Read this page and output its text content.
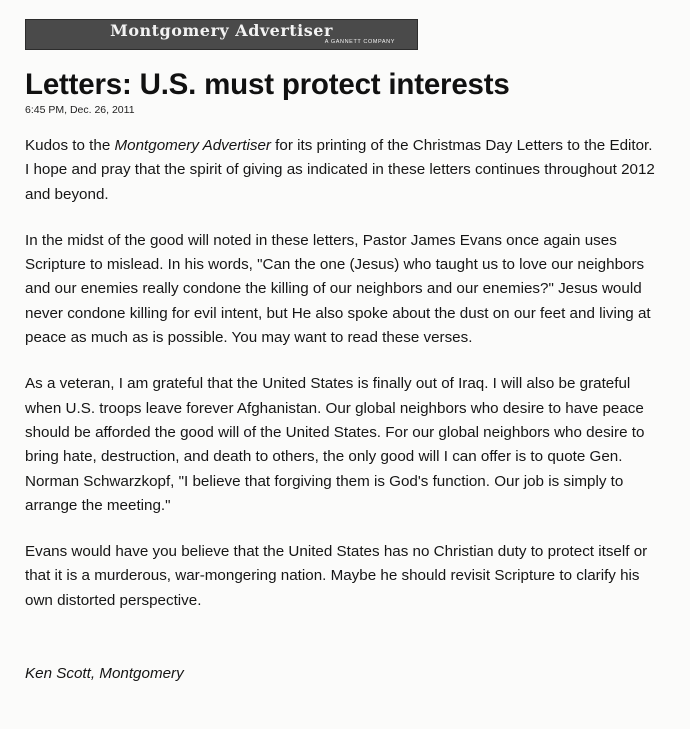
Montgomery Advertiser
A GANNETT COMPANY
Letters: U.S. must protect interests
6:45 PM, Dec. 26, 2011

Kudos to the Montgomery Advertiser for its printing of the Christmas Day Letters to the Editor. I hope and pray that the spirit of giving as indicated in these letters continues throughout 2012 and beyond.

In the midst of the good will noted in these letters, Pastor James Evans once again uses Scripture to mislead. In his words, "Can the one (Jesus) who taught us to love our neighbors and our enemies really condone the killing of our neighbors and our enemies?" Jesus would never condone killing for evil intent, but He also spoke about the dust on our feet and living at peace as much as is possible. You may want to read these verses.

As a veteran, I am grateful that the United States is finally out of Iraq. I will also be grateful when U.S. troops leave forever Afghanistan. Our global neighbors who desire to have peace should be afforded the good will of the United States. For our global neighbors who desire to bring hate, destruction, and death to others, the only good will I can offer is to quote Gen. Norman Schwarzkopf, "I believe that forgiving them is God's function. Our job is simply to arrange the meeting."

Evans would have you believe that the United States has no Christian duty to protect itself or that it is a murderous, war-mongering nation. Maybe he should revisit Scripture to clarify his own distorted perspective.

Ken Scott, Montgomery
